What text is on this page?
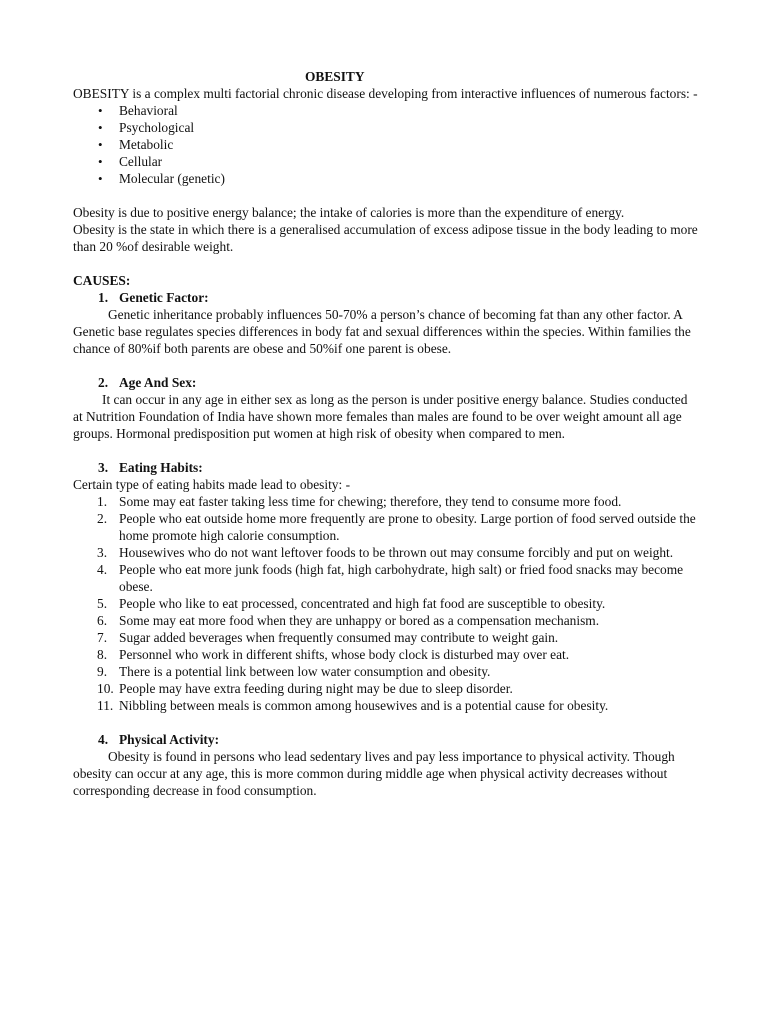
OBESITY

OBESITY is a complex multi factorial chronic disease developing from interactive influences of numerous factors: -

• Behavioral
• Psychological
• Metabolic
• Cellular
• Molecular (genetic)

Obesity is due to positive energy balance; the intake of calories is more than the expenditure of energy.

Obesity is the state in which there is a generalised accumulation of excess adipose tissue in the body leading to more than 20 %of desirable weight.

CAUSES:

1. Genetic Factor:

Genetic inheritance probably influences 50-70% a person’s chance of becoming fat than any other factor. A Genetic base regulates species differences in body fat and sexual differences within the species. Within families the chance of 80%if both parents are obese and 50%if one parent is obese.

2. Age And Sex:

It can occur in any age in either sex as long as the person is under positive energy balance. Studies conducted at Nutrition Foundation of India have shown more females than males are found to be over weight amount all age groups. Hormonal predisposition put women at high risk of obesity when compared to men.

3. Eating Habits:

Certain type of eating habits made lead to obesity: -

1. Some may eat faster taking less time for chewing; therefore, they tend to consume more food.
2. People who eat outside home more frequently are prone to obesity. Large portion of food served outside the home promote high calorie consumption.
3. Housewives who do not want leftover foods to be thrown out may consume forcibly and put on weight.
4. People who eat more junk foods (high fat, high carbohydrate, high salt) or fried food snacks may become obese.
5. People who like to eat processed, concentrated and high fat food are susceptible to obesity.
6. Some may eat more food when they are unhappy or bored as a compensation mechanism.
7. Sugar added beverages when frequently consumed may contribute to weight gain.
8. Personnel who work in different shifts, whose body clock is disturbed may over eat.
9. There is a potential link between low water consumption and obesity.
10. People may have extra feeding during night may be due to sleep disorder.
11. Nibbling between meals is common among housewives and is a potential cause for obesity.

4. Physical Activity:

Obesity is found in persons who lead sedentary lives and pay less importance to physical activity. Though obesity can occur at any age, this is more common during middle age when physical activity decreases without corresponding decrease in food consumption.
